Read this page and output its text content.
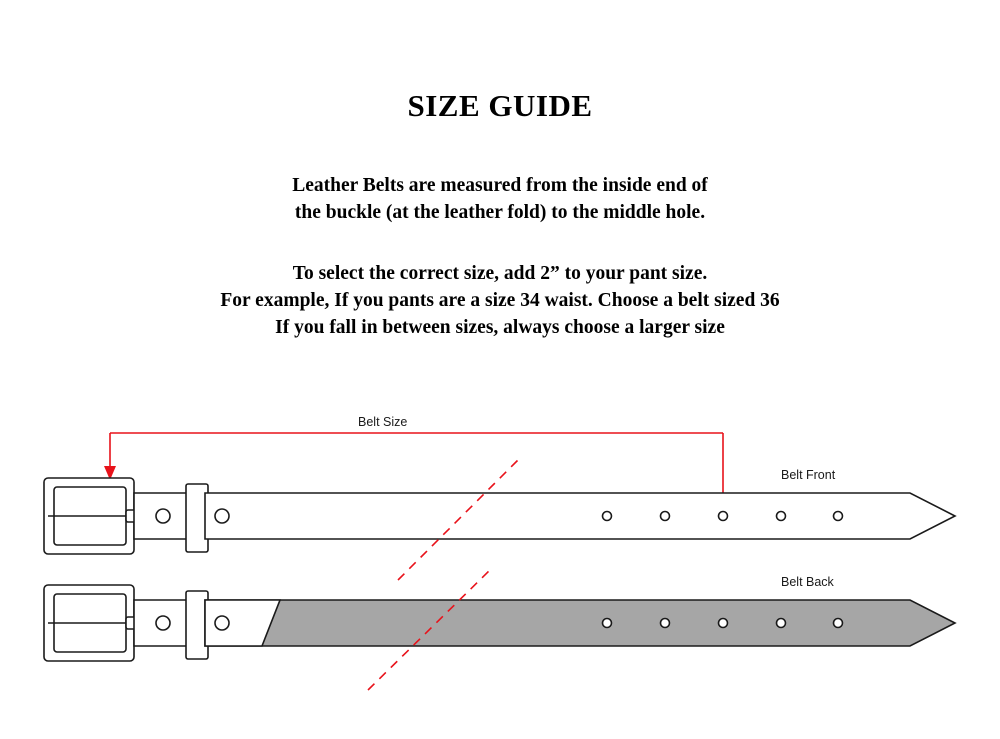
SIZE GUIDE
Leather Belts are measured from the inside end of
the buckle (at the leather fold) to the middle hole.
To select the correct size, add 2” to your pant size.
For example, If you pants are a size 34 waist. Choose a belt sized 36
If you fall in between sizes, always choose a larger size
Belt Size
Belt Front
Belt Back
